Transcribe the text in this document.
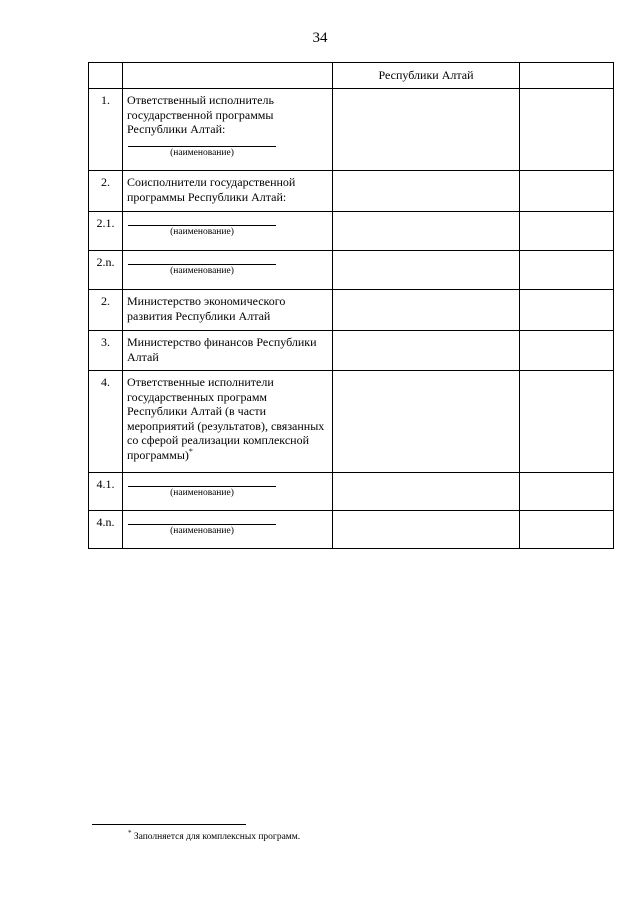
34
		Республики Алтай	
1.	Ответственный исполнитель государственной программы Республики Алтай:
(наименование)		

2.	Соисполнители государственной программы Республики Алтай:		

2.1.	(наименование)		

2.n.	(наименование)		

2.	Министерство экономического развития Республики Алтай		

3.	Министерство финансов Республики Алтай		

4.	Ответственные исполнители государственных программ Республики Алтай (в части мероприятий (результатов), связанных со сферой реализации комплексной программы)*

4.1.	(наименование)		

4.n.	(наименование)		

* Заполняется для комплексных программ.
